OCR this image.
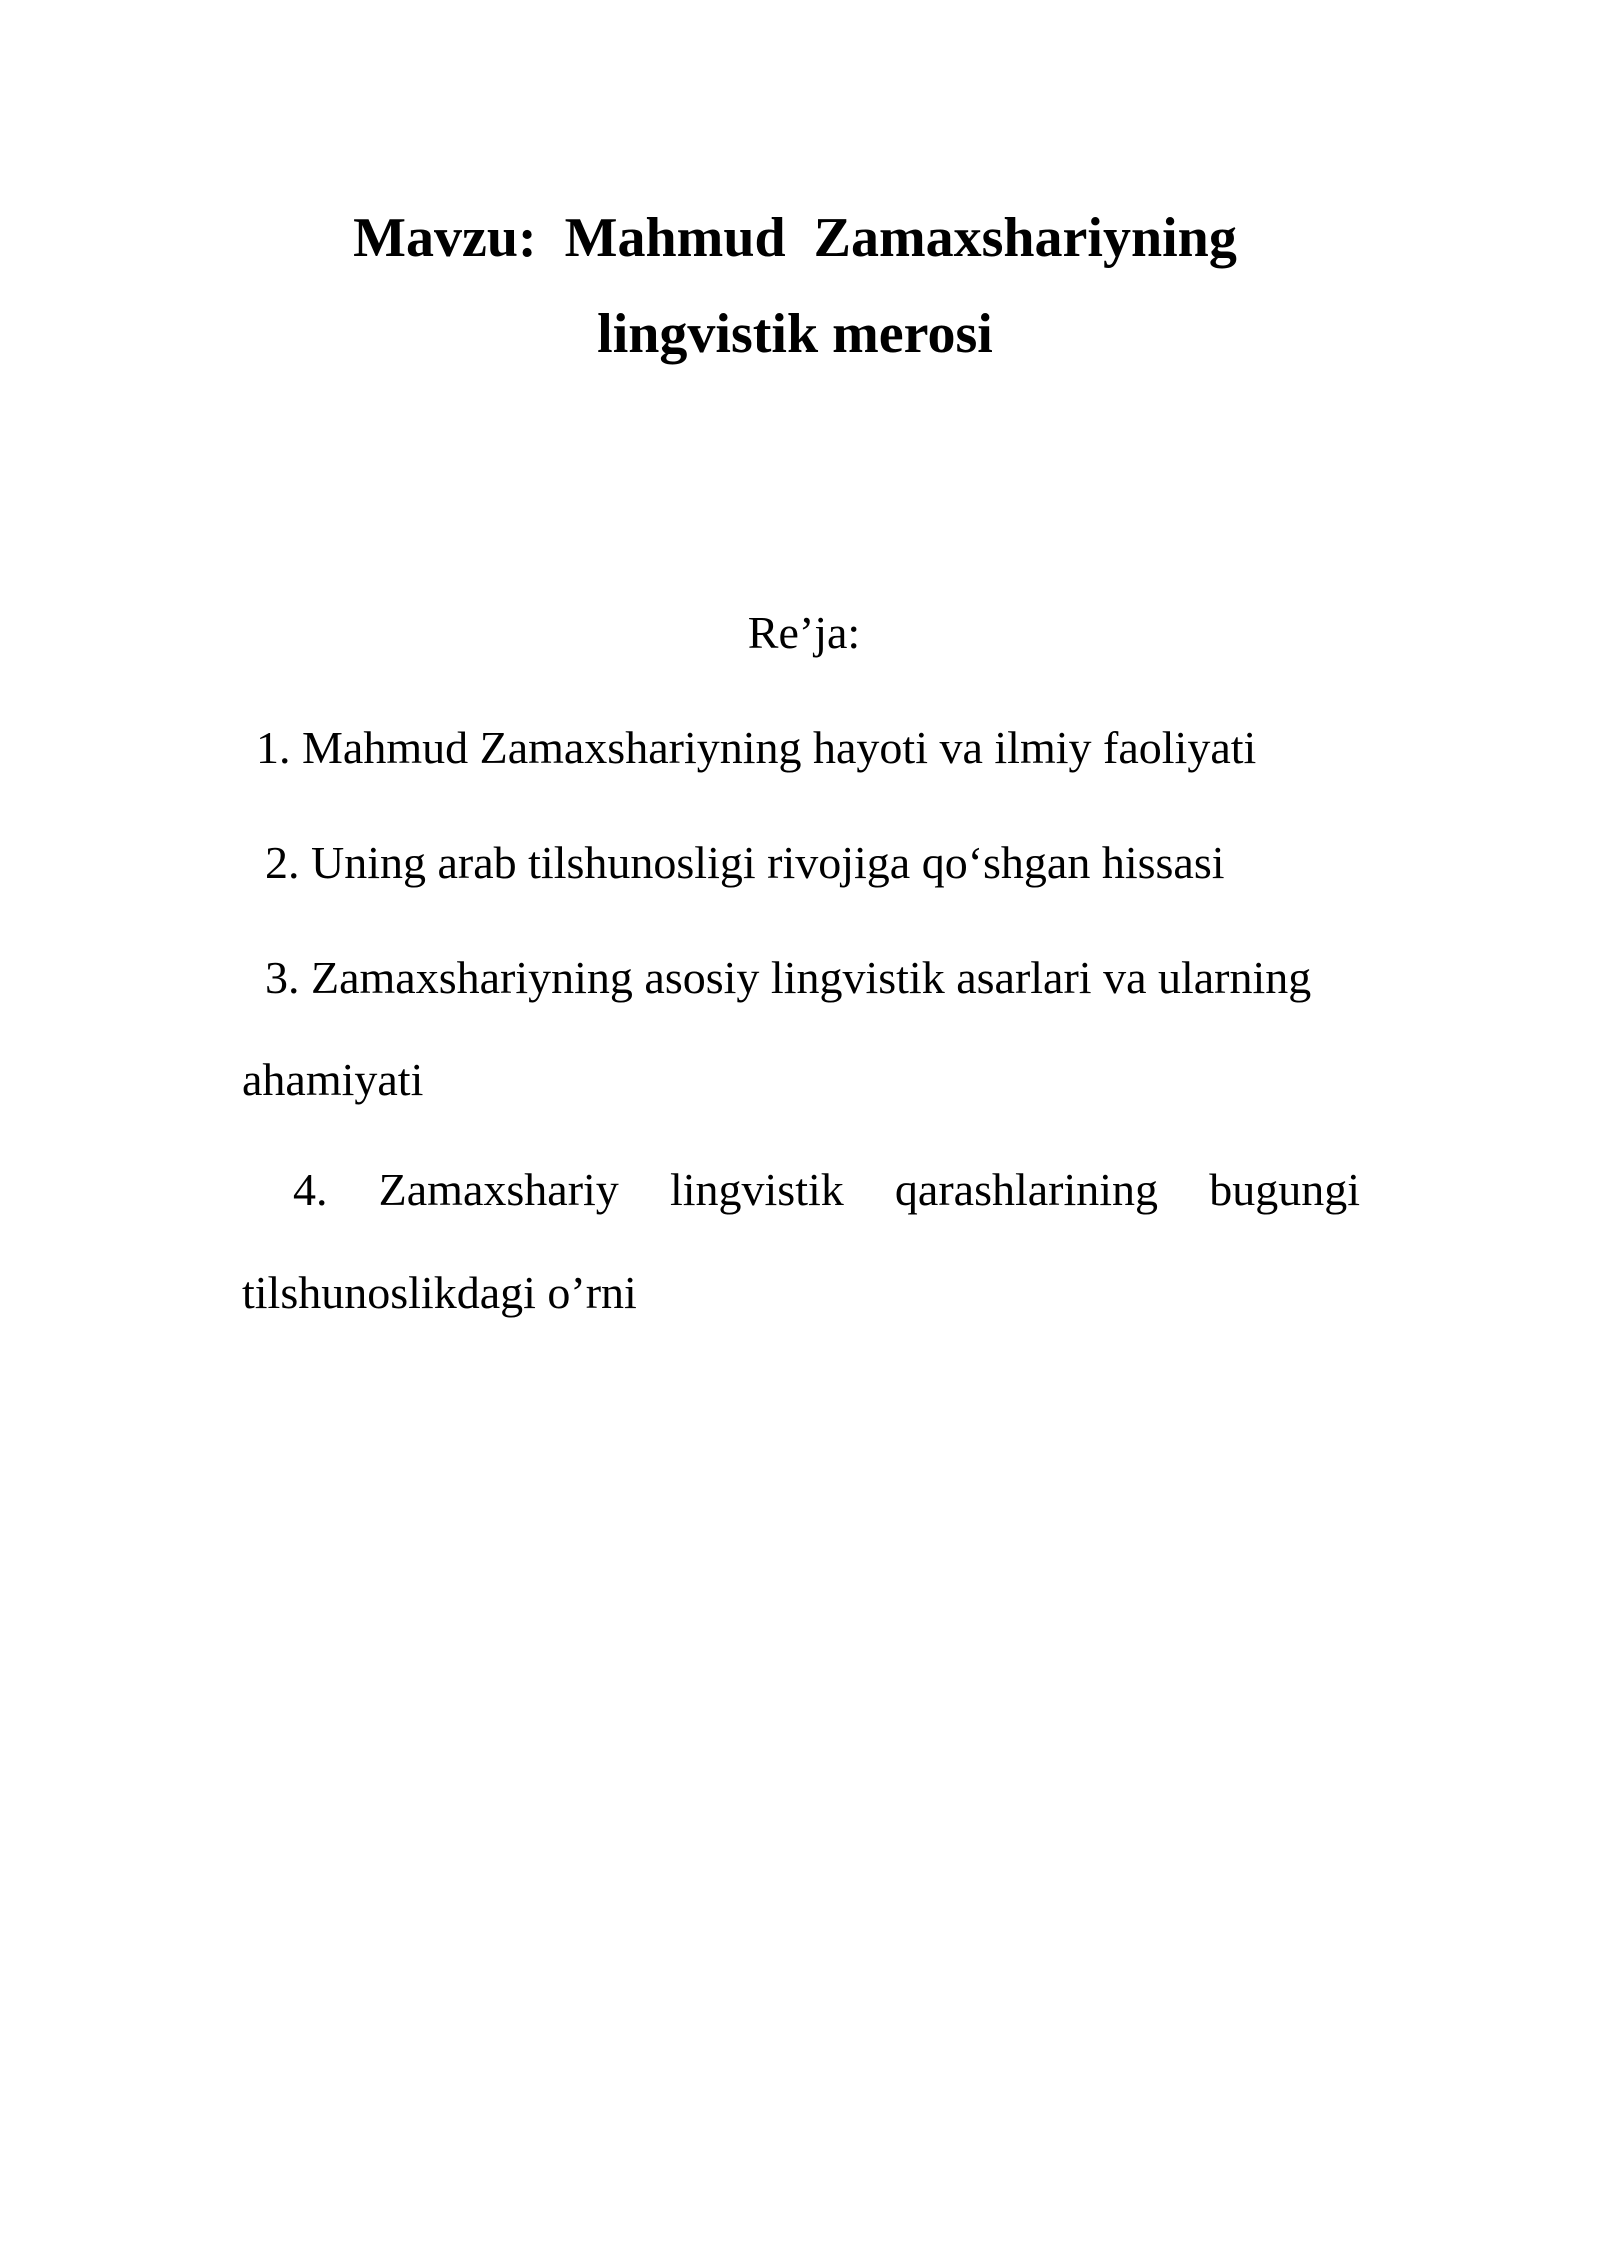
Mavzu:  Mahmud  Zamaxshariyning
lingvistik merosi

Re’ja:

1. Mahmud Zamaxshariyning hayoti va ilmiy faoliyati
2. Uning arab tilshunosligi rivojiga qo‘shgan hissasi
3. Zamaxshariyning asosiy lingvistik asarlari va ularning
ahamiyati
4. Zamaxshariy lingvistik qarashlarining bugungi
tilshunoslikdagi o’rni
